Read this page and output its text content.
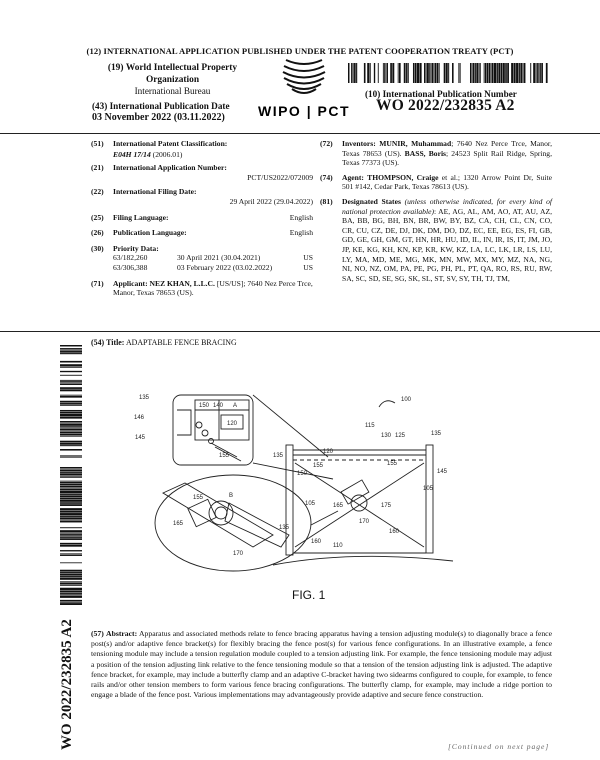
(12) INTERNATIONAL APPLICATION PUBLISHED UNDER THE PATENT COOPERATION TREATY (PCT)
(19) World Intellectual Property
Organization
International Bureau
WIPO | PCT
(10) International Publication Number
WO 2022/232835 A2
(43) International Publication Date
03 November 2022 (03.11.2022)
(51)	International Patent Classification:
E04H 17/14 (2006.01)
(21)	International Application Number:
PCT/US2022/072009
(22)	International Filing Date:
29 April 2022 (29.04.2022)
(25)	Filing Language:	English
(26)	Publication Language:	English
(30)	Priority Data:
63/182,260	30 April 2021 (30.04.2021)	US
63/306,388	03 February 2022 (03.02.2022)	US
(71)	Applicant: NEZ KHAN, L.L.C. [US/US]; 7640 Nez Perce Trce, Manor, Texas 78653 (US).
(72)	Inventors: MUNIR, Muhammad; 7640 Nez Perce Trce, Manor, Texas 78653 (US). BASS, Boris; 24523 Split Rail Ridge, Spring, Texas 77373 (US).
(74)	Agent: THOMPSON, Craige et al.; 1320 Arrow Point Dr, Suite 501 #142, Cedar Park, Texas 78613 (US).
(81)	Designated States (unless otherwise indicated, for every kind of national protection available): AE, AG, AL, AM, AO, AT, AU, AZ, BA, BB, BG, BH, BN, BR, BW, BY, BZ, CA, CH, CL, CN, CO, CR, CU, CZ, DE, DJ, DK, DM, DO, DZ, EC, EE, EG, ES, FI, GB, GD, GE, GH, GM, GT, HN, HR, HU, ID, IL, IN, IR, IS, IT, JM, JO, JP, KE, KG, KH, KN, KP, KR, KW, KZ, LA, LC, LK, LR, LS, LU, LY, MA, MD, ME, MG, MK, MN, MW, MX, MY, MZ, NA, NG, NI, NO, NZ, OM, PA, PE, PG, PH, PL, PT, QA, RO, RS, RU, RW, SA, SC, SD, SE, SG, SK, SL, ST, SV, SY, TH, TJ, TM,
(54) Title: ADAPTABLE FENCE BRACING
WO 2022/232835 A2
135
146
145
150 140 A
120
155
B
155
165
170
100
115
130 125	135
120
155
135
155
150	145
105
105	165	175
170
160
160
135
110
FIG. 1
(57) Abstract: Apparatus and associated methods relate to fence bracing apparatus having a tension adjusting module(s) to diagonally brace a fence post(s) and/or adaptive fence bracket(s) for flexibly bracing the fence post(s) for various fence configurations. In an illustrative example, a fence tensioning module may include a tension regulation module coupled to a tension adjusting link. For example, the fence tensioning module may adjust a position of the tension adjusting link relative to the fence tensioning module so that a tension of the tension adjusting link is adjusted. The adaptive fence bracket, for example, may include a butterfly clamp and an adaptive C-bracket having two sidearms configured to couple, for example, to fence rails and/or other tension members to form various fence bracing configurations. The butterfly clamp, for example, may include a ridge portion to engage a blade of the fence post. Various implementations may advantageously provide adaptive and secure fence construction.
[Continued on next page]
